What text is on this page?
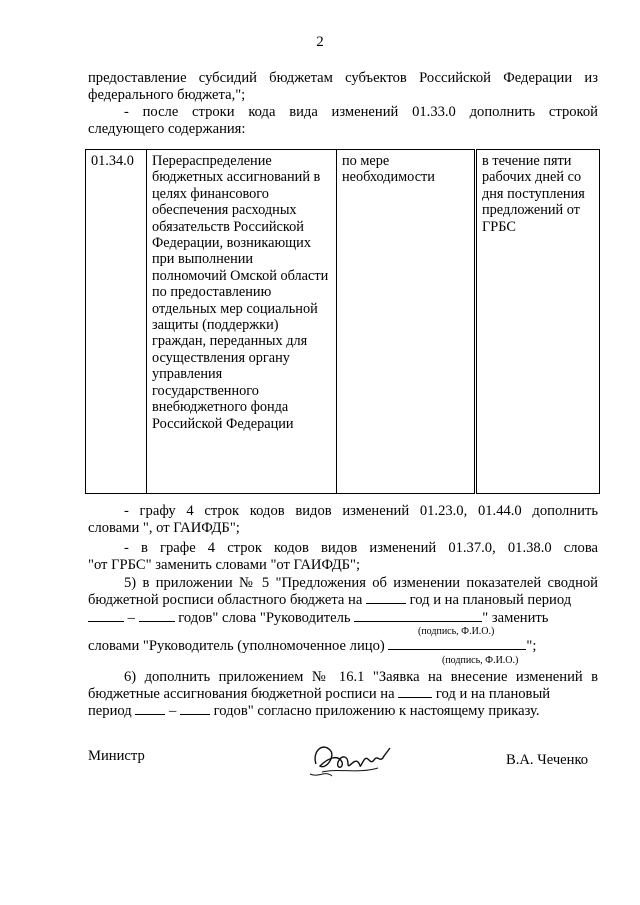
2
предоставление субсидий бюджетам субъектов Российской Федерации из
федерального бюджета,";
- после строки кода вида изменений 01.33.0 дополнить строкой
следующего содержания:
01.34.0	Перераспределение бюджетных ассигнований в целях финансового обеспечения расходных обязательств Российской Федерации, возникающих при выполнении полномочий Омской области по предоставлению отдельных мер социальной защиты (поддержки) граждан, переданных для осуществления органу управления государственного внебюджетного фонда Российской Федерации	по мере необходимости	в течение пяти рабочих дней со дня поступления предложений от ГРБС
- графу 4 строк кодов видов изменений 01.23.0, 01.44.0 дополнить
словами ", от ГАИФДБ";
- в графе 4 строк кодов видов изменений 01.37.0, 01.38.0 слова
"от ГРБС" заменить словами "от ГАИФДБ";
5) в приложении № 5 "Предложения об изменении показателей сводной
бюджетной росписи областного бюджета на	год и на плановый период
–	годов" слова "Руководитель	" заменить
(подпись, Ф.И.О.)
словами "Руководитель (уполномоченное лицо)	";
(подпись, Ф.И.О.)
6) дополнить приложением № 16.1 "Заявка на внесение изменений в
бюджетные ассигнования бюджетной росписи на	год и на плановый
период	–	годов" согласно приложению к настоящему приказу.
Министр	В.А. Чеченко
